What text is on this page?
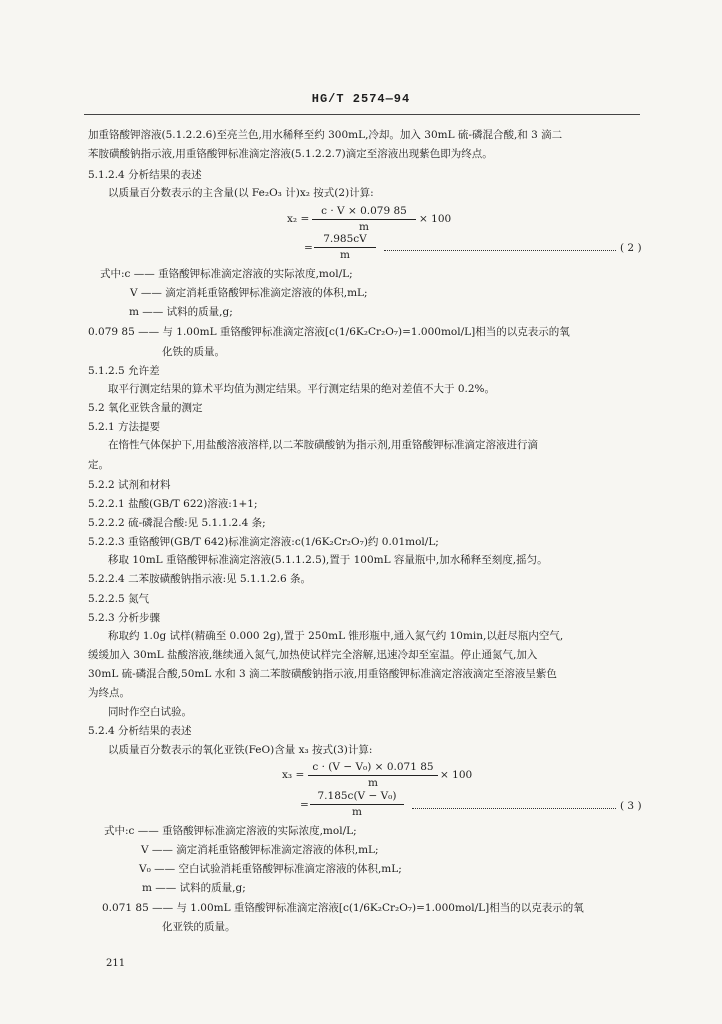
HG/T 2574—94
加重铬酸钾溶液(5.1.2.2.6)至亮兰色,用水稀释至约 300mL,冷却。加入 30mL 硫-磷混合酸,和 3 滴二
苯胺磺酸钠指示液,用重铬酸钾标准滴定溶液(5.1.2.2.7)滴定至溶液出现紫色即为终点。
5.1.2.4 分析结果的表述
以质量百分数表示的主含量(以 Fe₂O₃ 计)x₂ 按式(2)计算:
x₂ =
c · V × 0.079 85
m
× 100
=
7.985cV
m
( 2 )
式中:c —— 重铬酸钾标准滴定溶液的实际浓度,mol/L;
V —— 滴定消耗重铬酸钾标准滴定溶液的体积,mL;
m —— 试料的质量,g;
0.079 85 —— 与 1.00mL 重铬酸钾标准滴定溶液[c(1/6K₂Cr₂O₇)=1.000mol/L]相当的以克表示的氧
化铁的质量。
5.1.2.5 允许差
取平行测定结果的算术平均值为测定结果。平行测定结果的绝对差值不大于 0.2%。
5.2 氧化亚铁含量的测定
5.2.1 方法提要
在惰性气体保护下,用盐酸溶液溶样,以二苯胺磺酸钠为指示剂,用重铬酸钾标准滴定溶液进行滴
定。
5.2.2 试剂和材料
5.2.2.1 盐酸(GB/T 622)溶液:1+1;
5.2.2.2 硫-磷混合酸:见 5.1.1.2.4 条;
5.2.2.3 重铬酸钾(GB/T 642)标准滴定溶液:c(1/6K₂Cr₂O₇)约 0.01mol/L;
移取 10mL 重铬酸钾标准滴定溶液(5.1.1.2.5),置于 100mL 容量瓶中,加水稀释至刻度,摇匀。
5.2.2.4 二苯胺磺酸钠指示液:见 5.1.1.2.6 条。
5.2.2.5 氮气
5.2.3 分析步骤
称取约 1.0g 试样(精确至 0.000 2g),置于 250mL 锥形瓶中,通入氮气约 10min,以赶尽瓶内空气,
缓缓加入 30mL 盐酸溶液,继续通入氮气,加热使试样完全溶解,迅速冷却至室温。停止通氮气,加入
30mL 硫-磷混合酸,50mL 水和 3 滴二苯胺磺酸钠指示液,用重铬酸钾标准滴定溶液滴定至溶液呈紫色
为终点。
同时作空白试验。
5.2.4 分析结果的表述
以质量百分数表示的氧化亚铁(FeO)含量 x₃ 按式(3)计算:
x₃ =
c · (V − V₀) × 0.071 85
m
× 100
=
7.185c(V − V₀)
m	( 3 )
式中:c —— 重铬酸钾标准滴定溶液的实际浓度,mol/L;
V —— 滴定消耗重铬酸钾标准滴定溶液的体积,mL;
V₀ —— 空白试验消耗重铬酸钾标准滴定溶液的体积,mL;
m —— 试料的质量,g;
0.071 85 —— 与 1.00mL 重铬酸钾标准滴定溶液[c(1/6K₂Cr₂O₇)=1.000mol/L]相当的以克表示的氧
化亚铁的质量。
211
